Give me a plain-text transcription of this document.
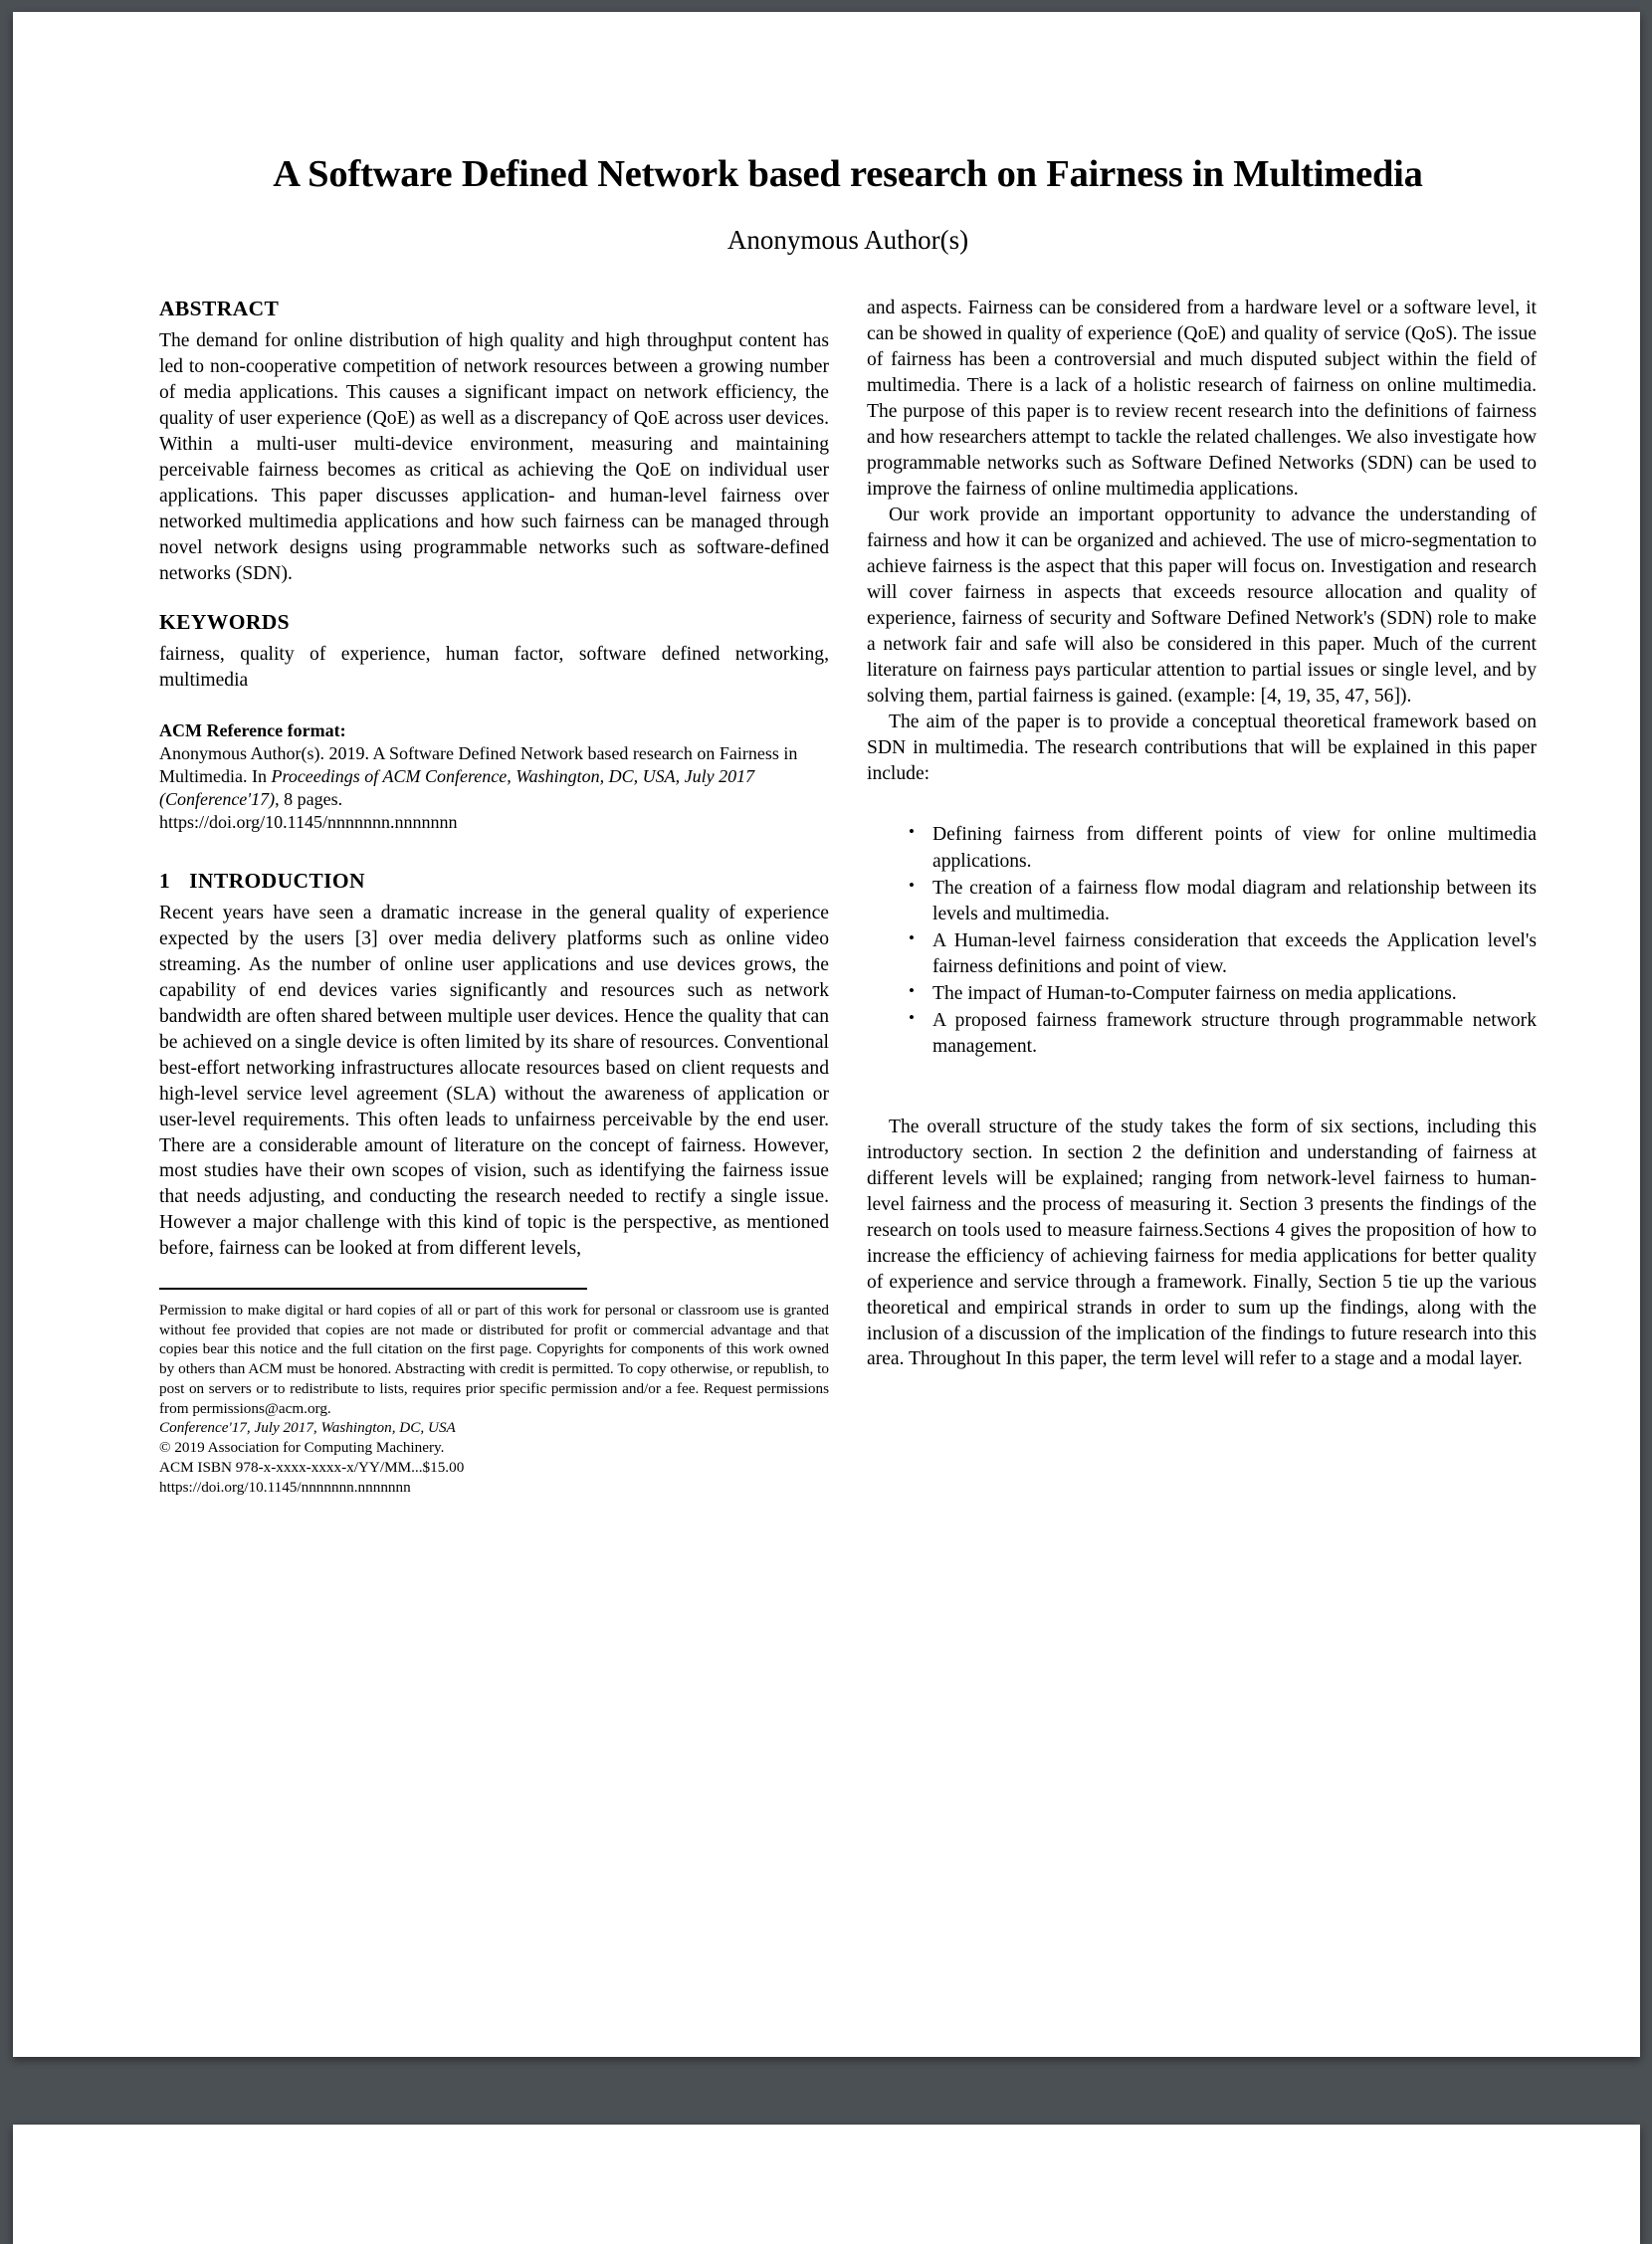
A Software Defined Network based research on Fairness in Multimedia
Anonymous Author(s)
ABSTRACT

The demand for online distribution of high quality and high throughput content has led to non-cooperative competition of network resources between a growing number of media applications. This causes a significant impact on network efficiency, the quality of user experience (QoE) as well as a discrepancy of QoE across user devices. Within a multi-user multi-device environment, measuring and maintaining perceivable fairness becomes as critical as achieving the QoE on individual user applications. This paper discusses application- and human-level fairness over networked multimedia applications and how such fairness can be managed through novel network designs using programmable networks such as software-defined networks (SDN).

KEYWORDS

fairness, quality of experience, human factor, software defined networking, multimedia

ACM Reference format:

Anonymous Author(s). 2019. A Software Defined Network based research on Fairness in Multimedia. In Proceedings of ACM Conference, Washington, DC, USA, July 2017 (Conference'17), 8 pages.

https://doi.org/10.1145/nnnnnnn.nnnnnnn

1 INTRODUCTION

Recent years have seen a dramatic increase in the general quality of experience expected by the users [3] over media delivery platforms such as online video streaming. As the number of online user applications and use devices grows, the capability of end devices varies significantly and resources such as network bandwidth are often shared between multiple user devices. Hence the quality that can be achieved on a single device is often limited by its share of resources. Conventional best-effort networking infrastructures allocate resources based on client requests and high-level service level agreement (SLA) without the awareness of application or user-level requirements. This often leads to unfairness perceivable by the end user. There are a considerable amount of literature on the concept of fairness. However, most studies have their own scopes of vision, such as identifying the fairness issue that needs adjusting, and conducting the research needed to rectify a single issue. However a major challenge with this kind of topic is the perspective, as mentioned before, fairness can be looked at from different levels,

Permission to make digital or hard copies of all or part of this work for personal or classroom use is granted without fee provided that copies are not made or distributed for profit or commercial advantage and that copies bear this notice and the full citation on the first page. Copyrights for components of this work owned by others than ACM must be honored. Abstracting with credit is permitted. To copy otherwise, or republish, to post on servers or to redistribute to lists, requires prior specific permission and/or a fee. Request permissions from permissions@acm.org.

Conference'17, July 2017, Washington, DC, USA

© 2019 Association for Computing Machinery.

ACM ISBN 978-x-xxxx-xxxx-x/YY/MM...$15.00

https://doi.org/10.1145/nnnnnnn.nnnnnnn

and aspects. Fairness can be considered from a hardware level or a software level, it can be showed in quality of experience (QoE) and quality of service (QoS). The issue of fairness has been a controversial and much disputed subject within the field of multimedia. There is a lack of a holistic research of fairness on online multimedia. The purpose of this paper is to review recent research into the definitions of fairness and how researchers attempt to tackle the related challenges. We also investigate how programmable networks such as Software Defined Networks (SDN) can be used to improve the fairness of online multimedia applications.

Our work provide an important opportunity to advance the understanding of fairness and how it can be organized and achieved. The use of micro-segmentation to achieve fairness is the aspect that this paper will focus on. Investigation and research will cover fairness in aspects that exceeds resource allocation and quality of experience, fairness of security and Software Defined Network's (SDN) role to make a network fair and safe will also be considered in this paper. Much of the current literature on fairness pays particular attention to partial issues or single level, and by solving them, partial fairness is gained. (example: [4, 19, 35, 47, 56]).

The aim of the paper is to provide a conceptual theoretical framework based on SDN in multimedia. The research contributions that will be explained in this paper include:

• Defining fairness from different points of view for online multimedia applications.
• The creation of a fairness flow modal diagram and relationship between its levels and multimedia.
• A Human-level fairness consideration that exceeds the Application level's fairness definitions and point of view.
• The impact of Human-to-Computer fairness on media applications.
• A proposed fairness framework structure through programmable network management.

The overall structure of the study takes the form of six sections, including this introductory section. In section 2 the definition and understanding of fairness at different levels will be explained; ranging from network-level fairness to human-level fairness and the process of measuring it. Section 3 presents the findings of the research on tools used to measure fairness.Sections 4 gives the proposition of how to increase the efficiency of achieving fairness for media applications for better quality of experience and service through a framework. Finally, Section 5 tie up the various theoretical and empirical strands in order to sum up the findings, along with the inclusion of a discussion of the implication of the findings to future research into this area. Throughout In this paper, the term level will refer to a stage and a modal layer.
